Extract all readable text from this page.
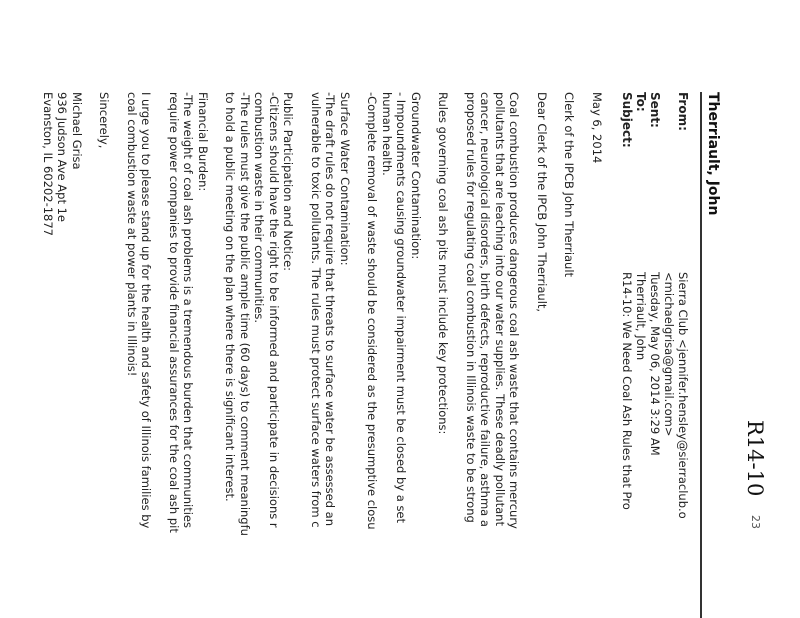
R14-10
Therriault, John
From:
Sierra Club <jennifer.hensley@sierraclub.o
<michaelgrisa@gmail.com>
Sent:
Tuesday, May 06, 2014 3:29 AM
To:
Therriault, John
Subject:
R14-10: We Need Coal Ash Rules that Pro
May 6, 2014
Clerk of the IPCB John Therriault
Dear Clerk of the IPCB John Therriault,
Coal combustion produces dangerous coal ash waste that contains mercury
pollutants that are leaching into our water supplies. These deadly pollutant
cancer, neurological disorders, birth defects, reproductive failure, asthma a
proposed rules for regulating coal combustion in Illinois waste to be strong
Rules governing coal ash pits must include key protections:
Groundwater Contamination:
- Impoundments causing groundwater impairment must be closed by a set
human health.
-Complete removal of waste should be considered as the presumptive closu
Surface Water Contamination:
-The draft rules do not require that threats to surface water be assessed an
vulnerable to toxic pollutants. The rules must protect surface waters from c
Public Participation and Notice:
-Citizens should have the right to be informed and participate in decisions r
combustion waste in their communities.
-The rules must give the public ample time (60 days) to comment meaningfu
to hold a public meeting on the plan where there is significant interest.
Financial Burden:
-The weight of coal ash problems is a tremendous burden that communities
require power companies to provide financial assurances for the coal ash pit
I urge you to please stand up for the health and safety of Illinois families by
coal combustion waste at power plants in Illinois!
Sincerely,
Michael Grisa
936 Judson Ave Apt 1e
Evanston, IL 60202-1877
23
